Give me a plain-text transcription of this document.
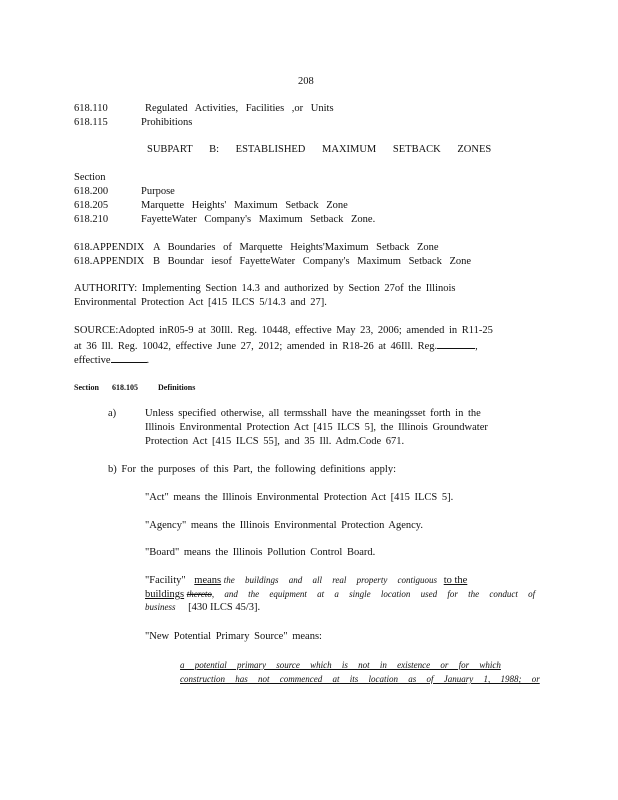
208
618.110	Regulated Activities, Facilities ,or Units
618.115	Prohibitions
SUBPART B: ESTABLISHED MAXIMUM SETBACK ZONES
Section
618.200	Purpose
618.205	Marquette Heights' Maximum Setback Zone
618.210	FayetteWater Company's Maximum Setback Zone.
618.APPENDIX A Boundaries of Marquette Heights'Maximum Setback Zone
618.APPENDIX B Boundar iesof FayetteWater Company's Maximum Setback Zone
AUTHORITY: Implementing Section 14.3 and authorized by Section 27of the Illinois
Environmental Protection Act [415 ILCS 5/14.3 and 27].
SOURCE:Adopted inR05-9 at 30Ill. Reg. 10448, effective May 23, 2006; amended in R11-25
at 36 Ill. Reg. 10042, effective June 27, 2012; amended in R18-26 at 46Ill. Reg.	,
effective	.
Section 618.105	Definitions
a)	Unless specified otherwise, all termsshall have the meaningsset forth in the
Illinois Environmental Protection Act [415 ILCS 5], the Illinois Groundwater
Protection Act [415 ILCS 55], and 35 Ill. Adm.Code 671.
b) For the purposes of this Part, the following definitions apply:
"Act" means the Illinois Environmental Protection Act [415 ILCS 5].
"Agency" means the Illinois Environmental Protection Agency.
"Board" means the Illinois Pollution Control Board.
"Facility" means the buildings and all real property contiguous to the
buildings thereto, and the equipment at a single location used for the conduct of
business [430 ILCS 45/3].
"New Potential Primary Source" means:
a potential primary source which is not in existence or for which
construction has not commenced at its location as of January 1, 1988; or
